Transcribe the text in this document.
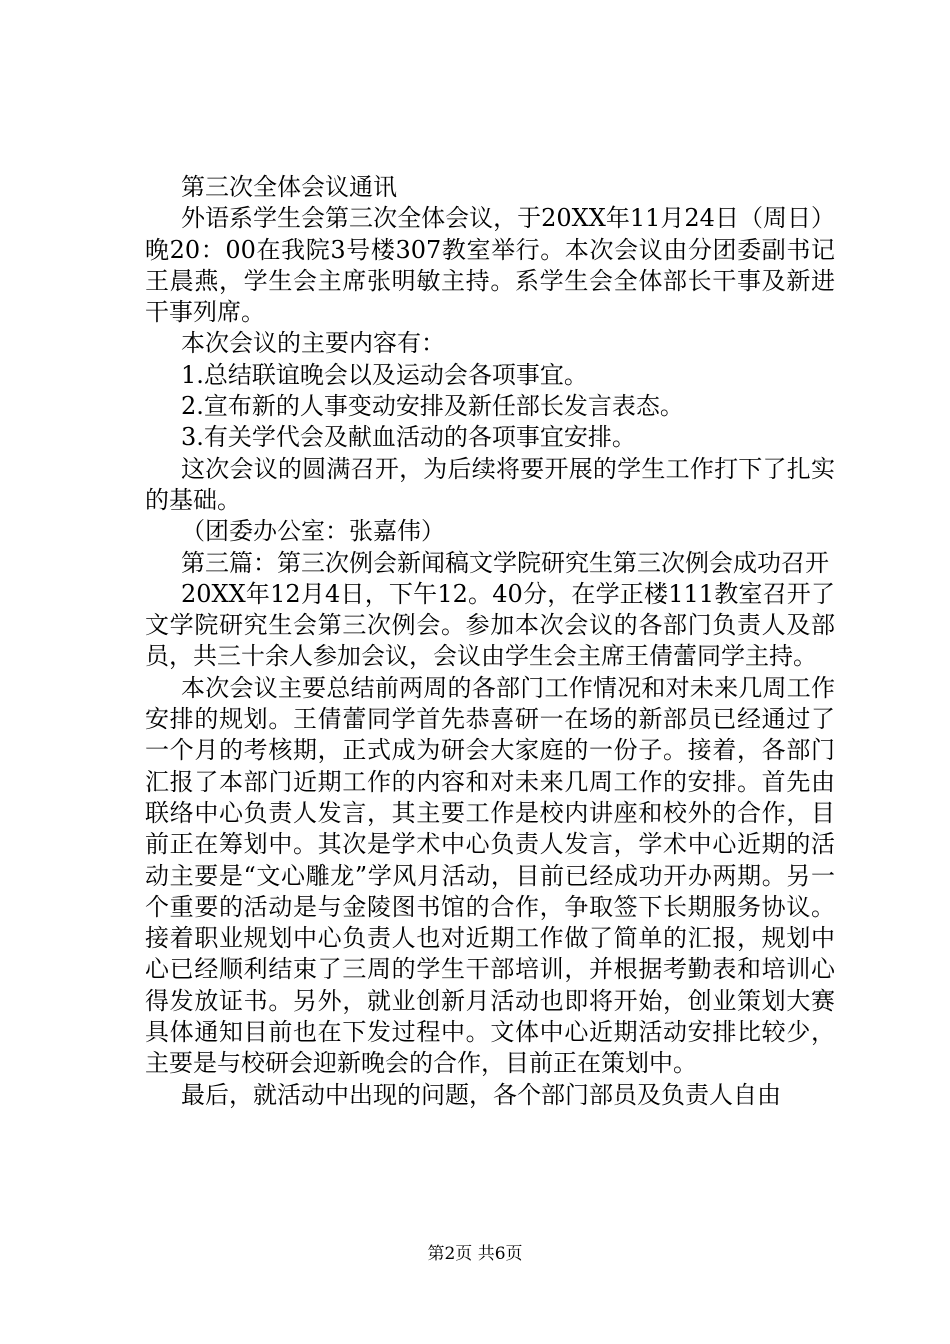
第三次全体会议通讯

外语系学生会第三次全体会议，于20XX年11月24日（周日）晚20：00在我院3号楼307教室举行。本次会议由分团委副书记王晨燕，学生会主席张明敏主持。系学生会全体部长干事及新进干事列席。

本次会议的主要内容有：

1.总结联谊晚会以及运动会各项事宜。

2.宣布新的人事变动安排及新任部长发言表态。

3.有关学代会及献血活动的各项事宜安排。

这次会议的圆满召开，为后续将要开展的学生工作打下了扎实的基础。

（团委办公室：张嘉伟）

第三篇：第三次例会新闻稿文学院研究生第三次例会成功召开

20XX年12月4日，下午12。40分，在学正楼111教室召开了文学院研究生会第三次例会。参加本次会议的各部门负责人及部员，共三十余人参加会议，会议由学生会主席王倩蕾同学主持。

本次会议主要总结前两周的各部门工作情况和对未来几周工作安排的规划。王倩蕾同学首先恭喜研一在场的新部员已经通过了一个月的考核期，正式成为研会大家庭的一份子。接着，各部门汇报了本部门近期工作的内容和对未来几周工作的安排。首先由联络中心负责人发言，其主要工作是校内讲座和校外的合作，目前正在筹划中。其次是学术中心负责人发言，学术中心近期的活动主要是“文心雕龙”学风月活动，目前已经成功开办两期。另一个重要的活动是与金陵图书馆的合作，争取签下长期服务协议。接着职业规划中心负责人也对近期工作做了简单的汇报，规划中心已经顺利结束了三周的学生干部培训，并根据考勤表和培训心得发放证书。另外，就业创新月活动也即将开始，创业策划大赛具体通知目前也在下发过程中。文体中心近期活动安排比较少，主要是与校研会迎新晚会的合作，目前正在策划中。

最后，就活动中出现的问题，各个部门部员及负责人自由

第2页 共6页
